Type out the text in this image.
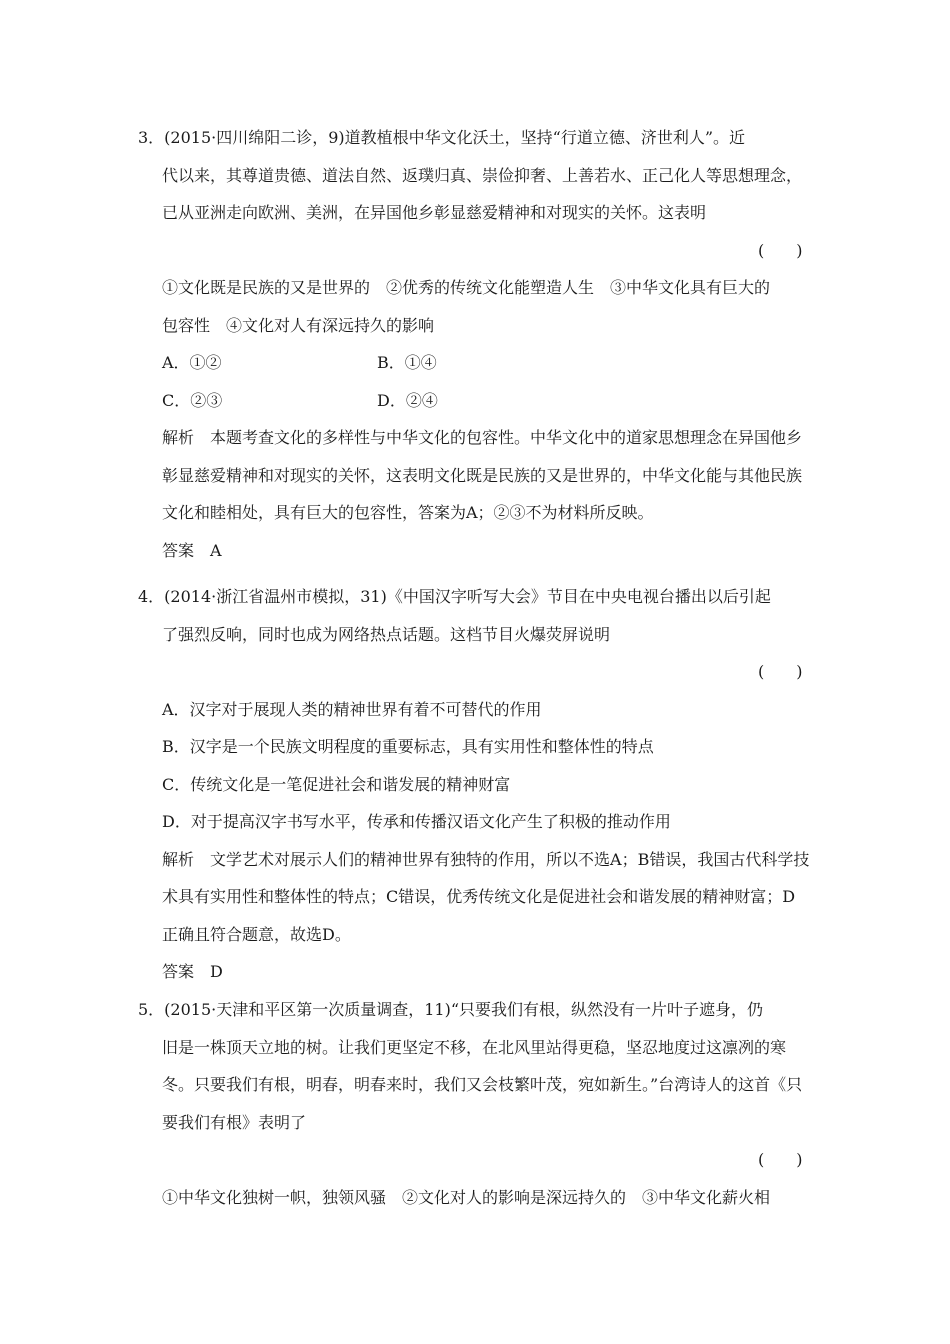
3．(2015·四川绵阳二诊，9)道教植根中华文化沃土，坚持“行道立德、济世利人”。近
代以来，其尊道贵德、道法自然、返璞归真、崇俭抑奢、上善若水、正己化人等思想理念，已从亚洲走向欧洲、美洲，在异国他乡彰显慈爱精神和对现实的关怀。这表明
(　　)
①文化既是民族的又是世界的　②优秀的传统文化能塑造人生　③中华文化具有巨大的
包容性　④文化对人有深远持久的影响
A．①②	B．①④
C．②③	D．②④
解析 本题考查文化的多样性与中华文化的包容性。中华文化中的道家思想理念在异国他乡彰显慈爱精神和对现实的关怀，这表明文化既是民族的又是世界的，中华文化能与其他民族文化和睦相处，具有巨大的包容性，答案为A；②③不为材料所反映。
答案 A
4．(2014·浙江省温州市模拟，31)《中国汉字听写大会》节目在中央电视台播出以后引起
了强烈反响，同时也成为网络热点话题。这档节目火爆荧屏说明
(　　)
A．汉字对于展现人类的精神世界有着不可替代的作用
B．汉字是一个民族文明程度的重要标志，具有实用性和整体性的特点
C．传统文化是一笔促进社会和谐发展的精神财富
D．对于提高汉字书写水平，传承和传播汉语文化产生了积极的推动作用
解析 文学艺术对展示人们的精神世界有独特的作用，所以不选A；B错误，我国古代科学技术具有实用性和整体性的特点；C错误，优秀传统文化是促进社会和谐发展的精神财富；D正确且符合题意，故选D。
答案 D
5．(2015·天津和平区第一次质量调查，11)“只要我们有根，纵然没有一片叶子遮身，仍
旧是一株顶天立地的树。让我们更坚定不移，在北风里站得更稳，坚忍地度过这凛冽的寒冬。只要我们有根，明春，明春来时，我们又会枝繁叶茂，宛如新生。”台湾诗人的这首《只要我们有根》表明了
(　　)
①中华文化独树一帜，独领风骚　②文化对人的影响是深远持久的　③中华文化薪火相
